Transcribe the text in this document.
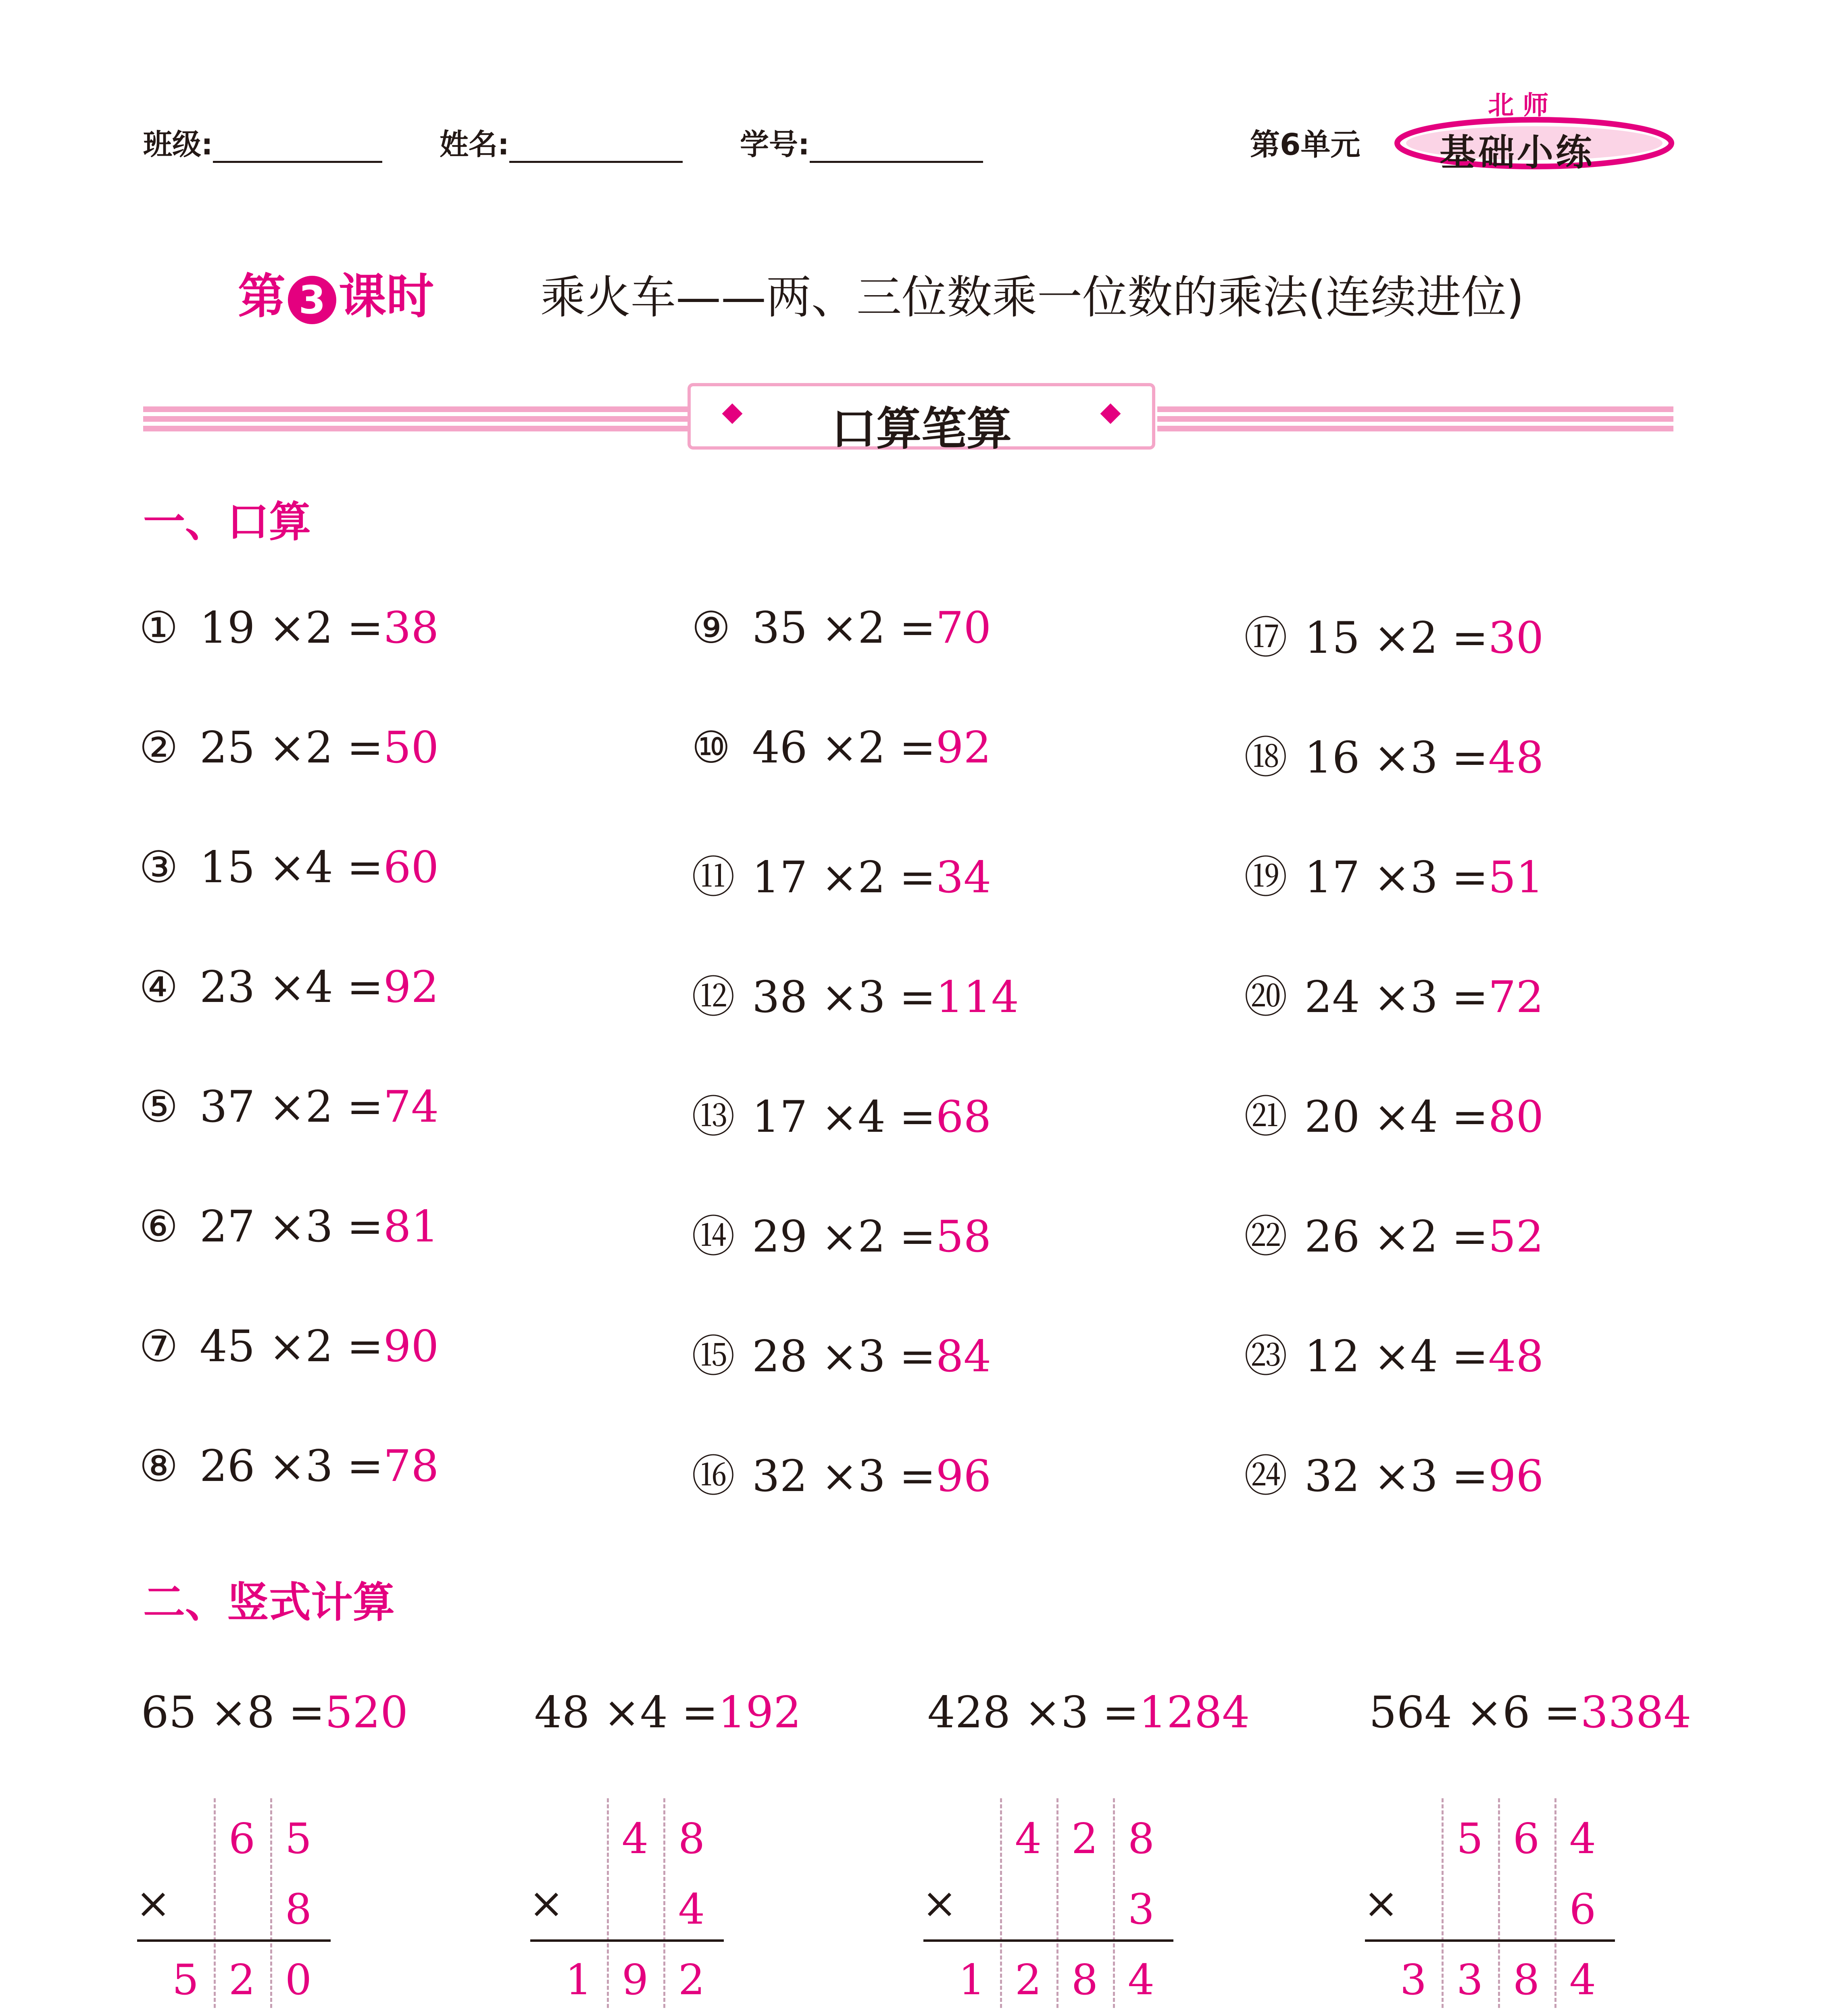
班级:	姓名:	学号:	第6单元
北 师
基础小练
第 3 课时 乘火车——两、三位数乘一位数的乘法(连续进位)
口算笔算
一、口算
① 19 ×2 =38
② 25 ×2 =50
③ 15 ×4 =60
④ 23 ×4 =92
⑤ 37 ×2 =74
⑥ 27 ×3 =81
⑦ 45 ×2 =90
⑧ 26 ×3 =78
⑨ 35 ×2 =70
⑩ 46 ×2 =92
⑪ 17 ×2 =34
⑫ 38 ×3 =114
⑬ 17 ×4 =68
⑭ 29 ×2 =58
⑮ 28 ×3 =84
⑯ 32 ×3 =96
⑰ 15 ×2 =30
⑱ 16 ×3 =48
⑲ 17 ×3 =51
⑳ 24 ×3 =72
㉑ 20 ×4 =80
㉒ 26 ×2 =52
㉓ 12 ×4 =48
㉔ 32 ×3 =96
二、竖式计算
65 ×8 =520	48 ×4 =192	428 ×3 =1284	564 ×6 =3384
×
6 5
8
5 2 0
×
4 8
4
1 9 2
×
4 2 8
3
1 2 8 4
×
5 6 4
6
3 3 8 4
